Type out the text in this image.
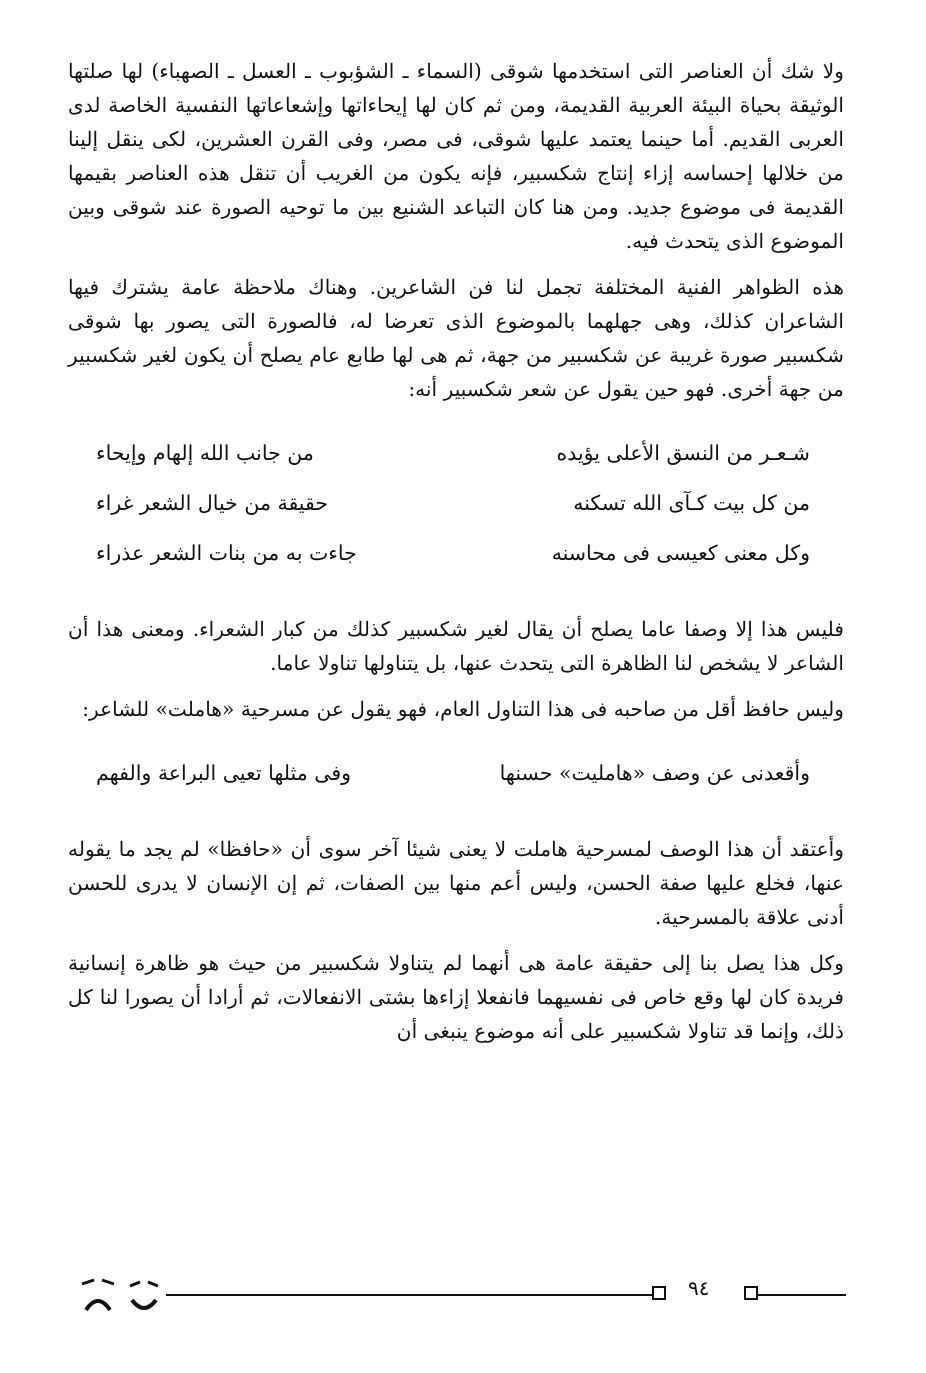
ولا شك أن العناصر التى استخدمها شوقى (السماء ـ الشؤبوب ـ العسل ـ الصهباء) لها صلتها الوثيقة بحياة البيئة العربية القديمة، ومن ثم كان لها إيحاءاتها وإشعاعاتها النفسية الخاصة لدى العربى القديم. أما حينما يعتمد عليها شوقى، فى مصر، وفى القرن العشرين، لكى ينقل إلينا من خلالها إحساسه إزاء إنتاج شكسبير، فإنه يكون من الغريب أن تنقل هذه العناصر بقيمها القديمة فى موضوع جديد. ومن هنا كان التباعد الشنيع بين ما توحيه الصورة عند شوقى وبين الموضوع الذى يتحدث فيه.

هذه الظواهر الفنية المختلفة تجمل لنا فن الشاعرين. وهناك ملاحظة عامة يشترك فيها الشاعران كذلك، وهى جهلهما بالموضوع الذى تعرضا له، فالصورة التى يصور بها شوقى شكسبير صورة غريبة عن شكسبير من جهة، ثم هى لها طابع عام يصلح أن يكون لغير شكسبير من جهة أخرى. فهو حين يقول عن شعر شكسبير أنه:

شـعـر من النسق الأعلى يؤيده
من جانب الله إلهام وإيحاء
من كل بيت كـآى الله تسكنه
حقيقة من خيال الشعر غراء
وكل معنى كعيسى فى محاسنه
جاءت به من بنات الشعر عذراء

فليس هذا إلا وصفا عاما يصلح أن يقال لغير شكسبير كذلك من كبار الشعراء. ومعنى هذا أن الشاعر لا يشخص لنا الظاهرة التى يتحدث عنها، بل يتناولها تناولا عاما.

وليس حافظ أقل من صاحبه فى هذا التناول العام، فهو يقول عن مسرحية «هاملت» للشاعر:

وأقعدنى عن وصف «هامليت» حسنها
وفى مثلها تعيى البراعة والفهم

وأعتقد أن هذا الوصف لمسرحية هاملت لا يعنى شيئا آخر سوى أن «حافظا» لم يجد ما يقوله عنها، فخلع عليها صفة الحسن، وليس أعم منها بين الصفات، ثم إن الإنسان لا يدرى للحسن أدنى علاقة بالمسرحية.

وكل هذا يصل بنا إلى حقيقة عامة هى أنهما لم يتناولا شكسبير من حيث هو ظاهرة إنسانية فريدة كان لها وقع خاص فى نفسيهما فانفعلا إزاءها بشتى الانفعالات، ثم أرادا أن يصورا لنا كل ذلك، وإنما قد تناولا شكسبير على أنه موضوع ينبغى أن

٩٤
